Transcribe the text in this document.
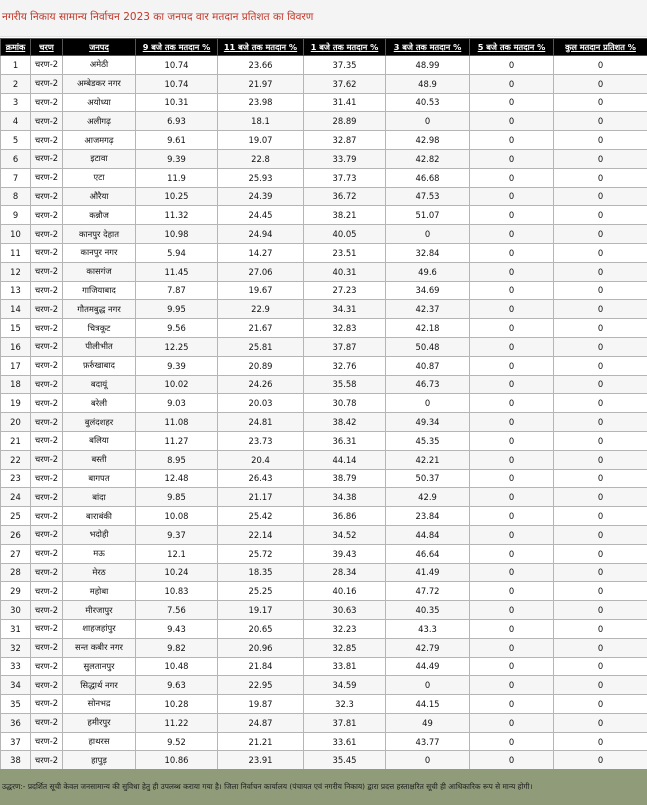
नगरीय निकाय सामान्य निर्वाचन 2023 का जनपद वार मतदान प्रतिशत का विवरण
क्रमांक	चरण	जनपद	9 बजे तक मतदान %	11 बजे तक मतदान %	1 बजे तक मतदान %	3 बजे तक मतदान %	5 बजे तक मतदान %	कुल मतदान प्रतिशत %
1	चरण-2	अमेठी	10.74	23.66	37.35	48.99	0	0
2	चरण-2	अम्बेडकर नगर	10.74	21.97	37.62	48.9	0	0
3	चरण-2	अयोध्या	10.31	23.98	31.41	40.53	0	0
4	चरण-2	अलीगढ़	6.93	18.1	28.89	0	0	0
5	चरण-2	आजमगढ़	9.61	19.07	32.87	42.98	0	0
6	चरण-2	इटावा	9.39	22.8	33.79	42.82	0	0
7	चरण-2	एटा	11.9	25.93	37.73	46.68	0	0
8	चरण-2	औरैया	10.25	24.39	36.72	47.53	0	0
9	चरण-2	कन्नौज	11.32	24.45	38.21	51.07	0	0
10	चरण-2	कानपुर देहात	10.98	24.94	40.05	0	0	0
11	चरण-2	कानपुर नगर	5.94	14.27	23.51	32.84	0	0
12	चरण-2	कासगंज	11.45	27.06	40.31	49.6	0	0
13	चरण-2	गाजियाबाद	7.87	19.67	27.23	34.69	0	0
14	चरण-2	गौतमबुद्ध नगर	9.95	22.9	34.31	42.37	0	0
15	चरण-2	चित्रकूट	9.56	21.67	32.83	42.18	0	0
16	चरण-2	पीलीभीत	12.25	25.81	37.87	50.48	0	0
17	चरण-2	फ़र्रुखाबाद	9.39	20.89	32.76	40.87	0	0
18	चरण-2	बदायूं	10.02	24.26	35.58	46.73	0	0
19	चरण-2	बरेली	9.03	20.03	30.78	0	0	0
20	चरण-2	बुलंदशहर	11.08	24.81	38.42	49.34	0	0
21	चरण-2	बलिया	11.27	23.73	36.31	45.35	0	0
22	चरण-2	बस्ती	8.95	20.4	44.14	42.21	0	0
23	चरण-2	बागपत	12.48	26.43	38.79	50.37	0	0
24	चरण-2	बांदा	9.85	21.17	34.38	42.9	0	0
25	चरण-2	बाराबंकी	10.08	25.42	36.86	23.84	0	0
26	चरण-2	भदोही	9.37	22.14	34.52	44.84	0	0
27	चरण-2	मऊ	12.1	25.72	39.43	46.64	0	0
28	चरण-2	मेरठ	10.24	18.35	28.34	41.49	0	0
29	चरण-2	महोबा	10.83	25.25	40.16	47.72	0	0
30	चरण-2	मीरजापुर	7.56	19.17	30.63	40.35	0	0
31	चरण-2	शाहजहांपुर	9.43	20.65	32.23	43.3	0	0
32	चरण-2	सन्त कबीर नगर	9.82	20.96	32.85	42.79	0	0
33	चरण-2	सुलतानपुर	10.48	21.84	33.81	44.49	0	0
34	चरण-2	सिद्धार्थ नगर	9.63	22.95	34.59	0	0	0
35	चरण-2	सोनभद्र	10.28	19.87	32.3	44.15	0	0
36	चरण-2	हमीरपुर	11.22	24.87	37.81	49	0	0
37	चरण-2	हाथरस	9.52	21.21	33.61	43.77	0	0
38	चरण-2	हापुड़	10.86	23.91	35.45	0	0	0
उद्धरण:- प्रदर्शित सूची केवल जनसामान्य की सुविधा हेतु ही उपलब्ध कराया गया है। जिला निर्वाचन कार्यालय (पंचायत एवं नगरीय निकाय) द्वारा प्रदत्त हस्ताक्षरित सूची ही आधिकारिक रूप से मान्य होगी।
